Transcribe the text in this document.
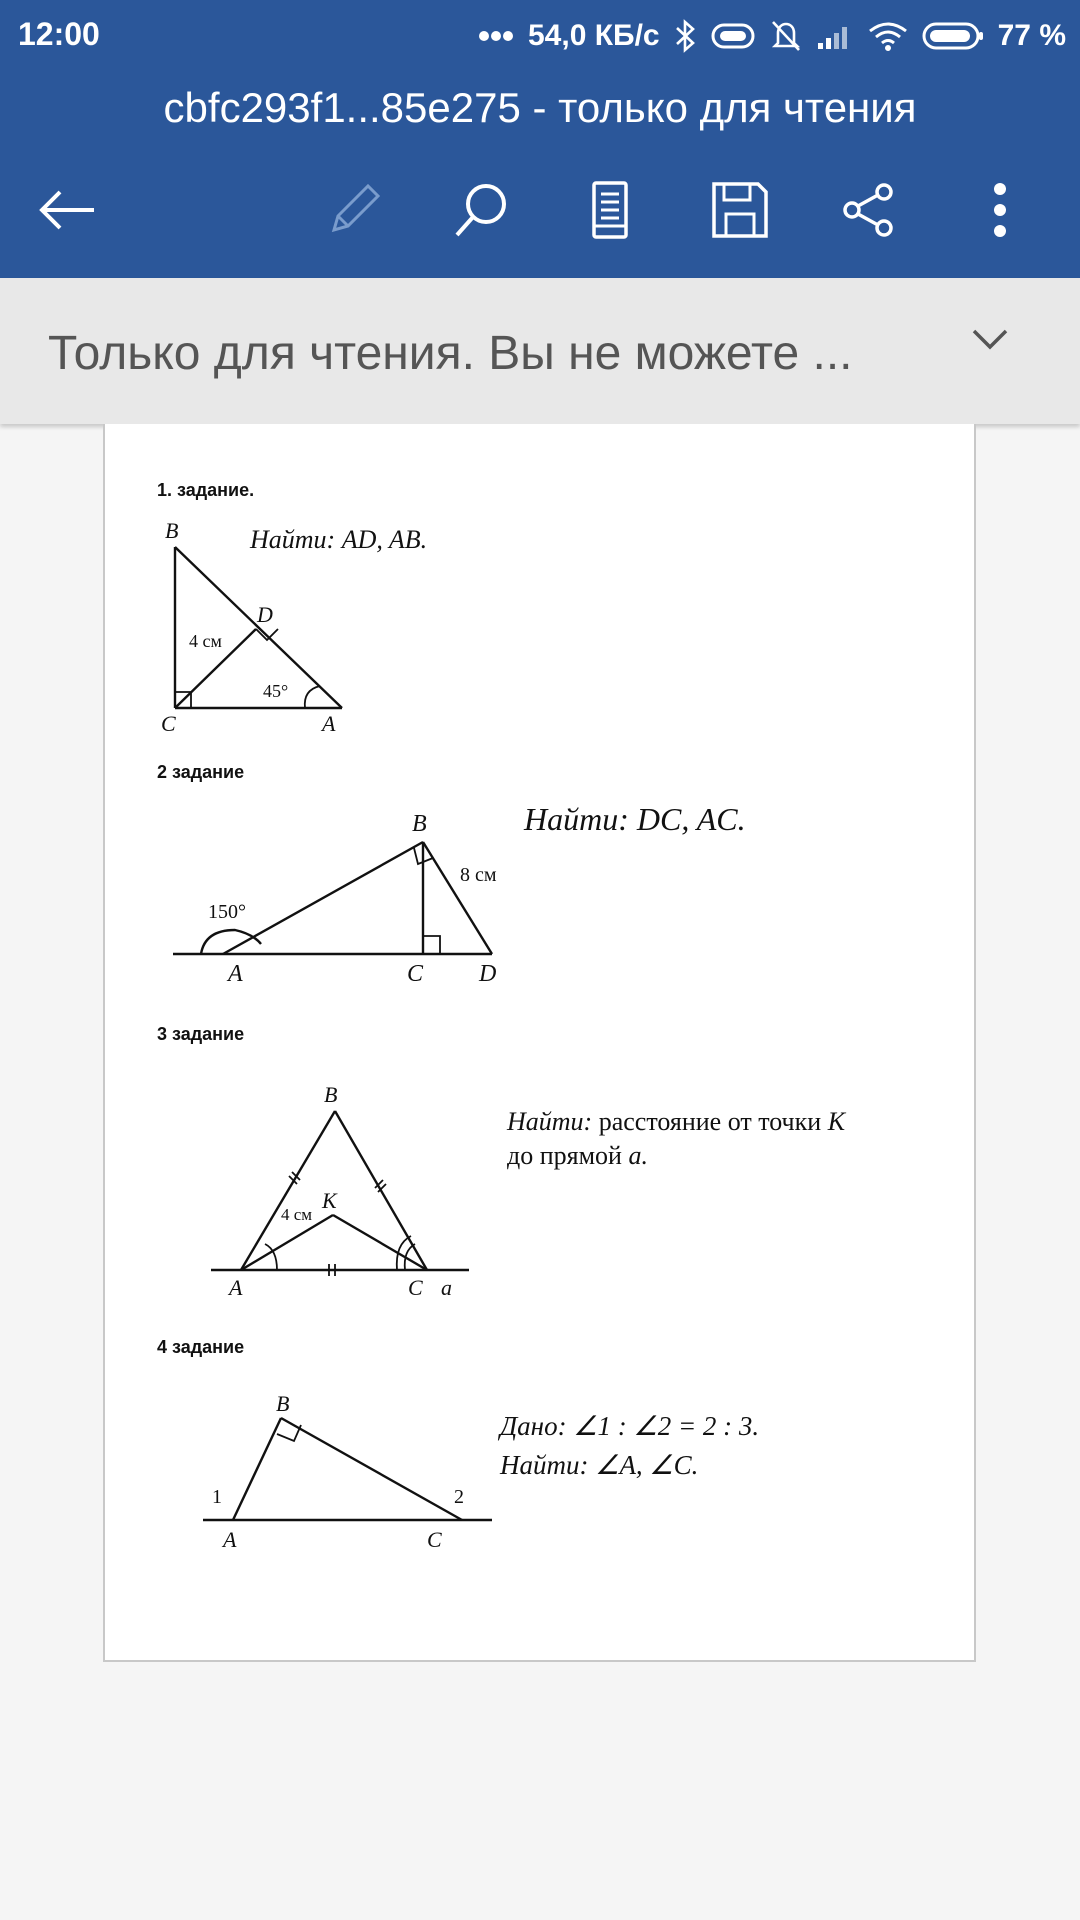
12:00	54,0 КБ/с	77 %
cbfc293f1...85e275 - только для чтения
Только для чтения. Вы не можете ...
1. задание.
Найти: AD, AB.
B
D
C	A
4 см
45°
2 задание
Найти: DC, AC.
B
A	C D
8 см
150°
3 задание
Найти: расстояние от точки K
до прямой a.
B
K
A	C a
4 см
4 задание
Дано: ∠1 : ∠2 = 2 : 3.
Найти: ∠A, ∠C.
B
A	C
1	2
